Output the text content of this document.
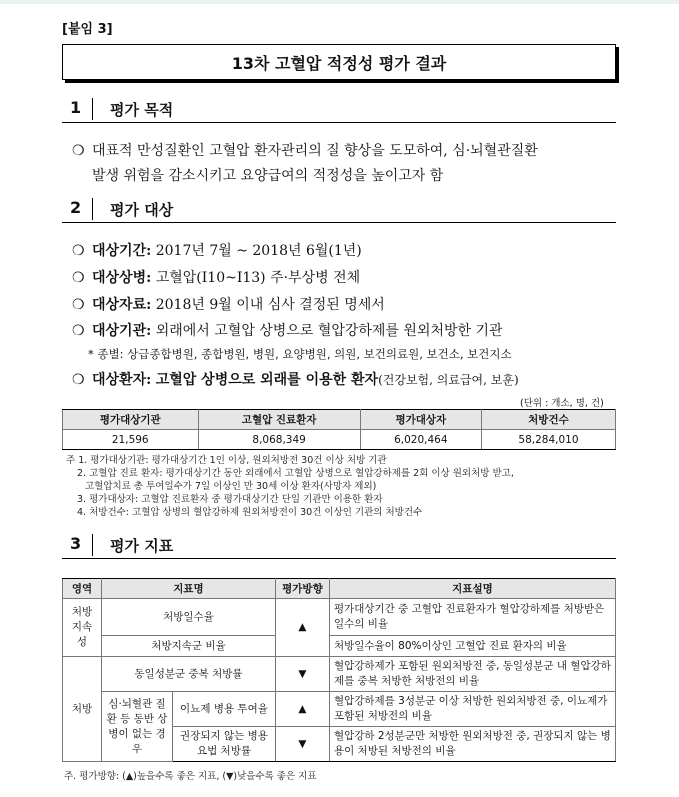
[붙임 3]
13차 고혈압 적정성 평가 결과
1 평가 목적
❍ 대표적 만성질환인 고혈압 환자관리의 질 향상을 도모하여, 심·뇌혈관질환
발생 위험을 감소시키고 요양급여의 적정성을 높이고자 함
2 평가 대상
❍ 대상기간: 2017년 7월 ~ 2018년 6월(1년)
❍ 대상상병: 고혈압(I10~I13) 주·부상병 전체
❍ 대상자료: 2018년 9월 이내 심사 결정된 명세서
❍ 대상기관: 외래에서 고혈압 상병으로 혈압강하제를 원외처방한 기관
* 종별: 상급종합병원, 종합병원, 병원, 요양병원, 의원, 보건의료원, 보건소, 보건지소
❍ 대상환자: 고혈압 상병으로 외래를 이용한 환자(건강보험, 의료급여, 보훈)
(단위 : 개소, 명, 건)
평가대상기관	고혈압 진료환자	평가대상자	처방건수
21,596	8,068,349	6,020,464	58,284,010
주 1. 평가대상기관: 평가대상기간 1인 이상, 원외처방전 30건 이상 처방 기관
2. 고혈압 진료 환자: 평가대상기간 동안 외래에서 고혈압 상병으로 혈압강하제를 2회 이상 원외처방 받고,
고혈압치료 총 투여일수가 7일 이상인 만 30세 이상 환자(사망자 제외)
3. 평가대상자: 고혈압 진료환자 중 평가대상기간 단일 기관만 이용한 환자
4. 처방건수: 고혈압 상병의 혈압강하제 원외처방전이 30건 이상인 기관의 처방건수
3 평가 지표
영역	지표명		평가방향	지표설명
처방 지속성	처방일수율		▲	평가대상기간 중 고혈압 진료환자가 혈압강하제를 처방받은 일수의 비율
	처방지속군 비율			처방일수율이 80%이상인 고혈압 진료 환자의 비율
처방	동일성분군 중복 처방률		▼	혈압강하제가 포함된 원외처방전 중, 동일성분군 내 혈압강하제를 중복 처방한 처방전의 비율
	심·뇌혈관 질환 등 동반 상병이 없는 경우	이뇨제 병용 투여율	▲	혈압강하제를 3성분군 이상 처방한 원외처방전 중, 이뇨제가 포함된 처방전의 비율
		권장되지 않는 병용요법 처방률	▼	혈압강하 2성분군만 처방한 원외처방전 중, 권장되지 않는 병용이 처방된 처방전의 비율
주. 평가방향: (▲)높을수록 좋은 지표, (▼)낮을수록 좋은 지표
